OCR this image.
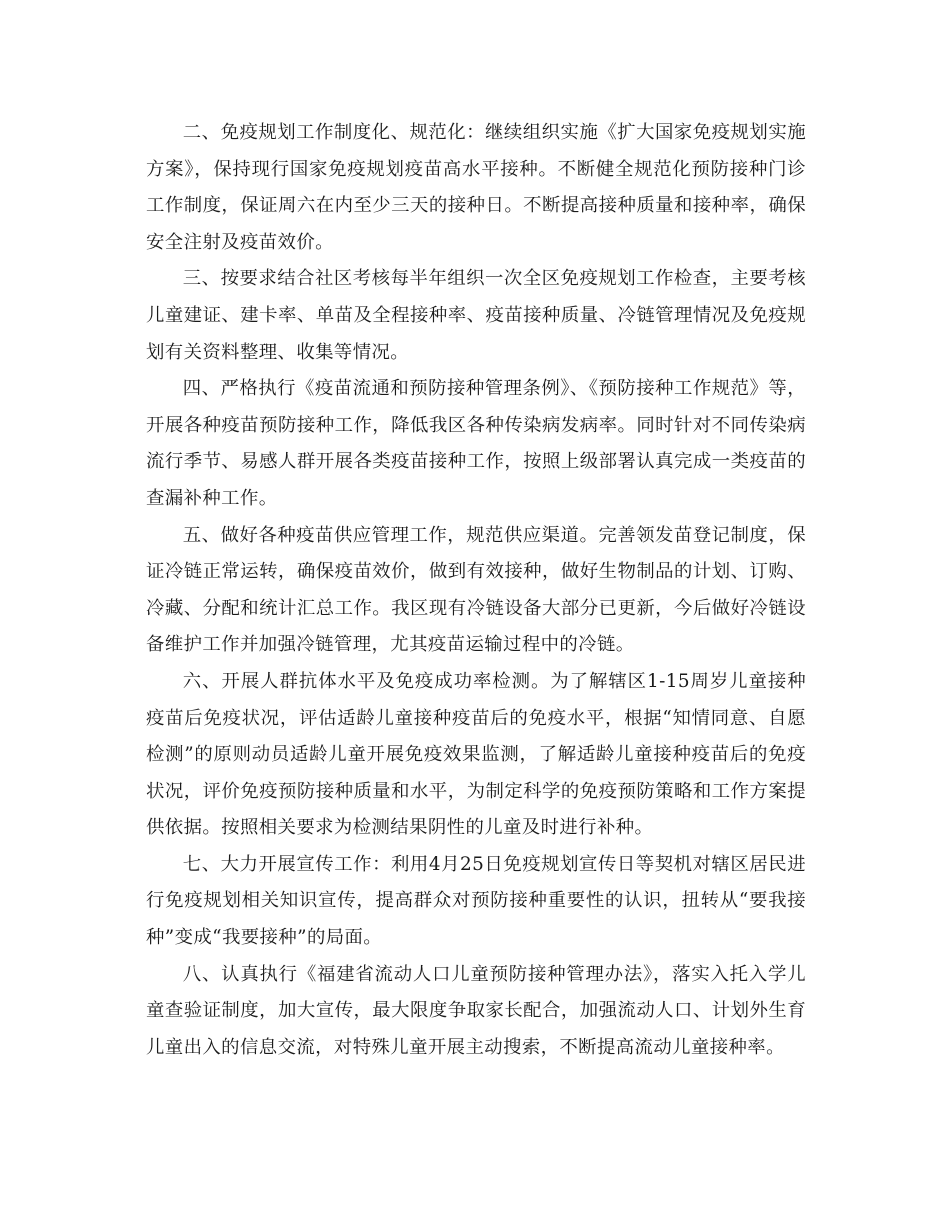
二、免疫规划工作制度化、规范化：继续组织实施《扩大国家免疫规划实施方案》，保持现行国家免疫规划疫苗高水平接种。不断健全规范化预防接种门诊工作制度，保证周六在内至少三天的接种日。不断提高接种质量和接种率，确保安全注射及疫苗效价。

三、按要求结合社区考核每半年组织一次全区免疫规划工作检查，主要考核儿童建证、建卡率、单苗及全程接种率、疫苗接种质量、冷链管理情况及免疫规划有关资料整理、收集等情况。

四、严格执行《疫苗流通和预防接种管理条例》、《预防接种工作规范》等，开展各种疫苗预防接种工作，降低我区各种传染病发病率。同时针对不同传染病流行季节、易感人群开展各类疫苗接种工作，按照上级部署认真完成一类疫苗的查漏补种工作。

五、做好各种疫苗供应管理工作，规范供应渠道。完善领发苗登记制度，保证冷链正常运转，确保疫苗效价，做到有效接种，做好生物制品的计划、订购、冷藏、分配和统计汇总工作。我区现有冷链设备大部分已更新，今后做好冷链设备维护工作并加强冷链管理，尤其疫苗运输过程中的冷链。

六、开展人群抗体水平及免疫成功率检测。为了解辖区1-15周岁儿童接种疫苗后免疫状况，评估适龄儿童接种疫苗后的免疫水平，根据“知情同意、自愿检测”的原则动员适龄儿童开展免疫效果监测，了解适龄儿童接种疫苗后的免疫状况，评价免疫预防接种质量和水平，为制定科学的免疫预防策略和工作方案提供依据。按照相关要求为检测结果阴性的儿童及时进行补种。

七、大力开展宣传工作：利用4月25日免疫规划宣传日等契机对辖区居民进行免疫规划相关知识宣传，提高群众对预防接种重要性的认识，扭转从“要我接种”变成“我要接种”的局面。

八、认真执行《福建省流动人口儿童预防接种管理办法》，落实入托入学儿童查验证制度，加大宣传，最大限度争取家长配合，加强流动人口、计划外生育儿童出入的信息交流，对特殊儿童开展主动搜索，不断提高流动儿童接种率。
